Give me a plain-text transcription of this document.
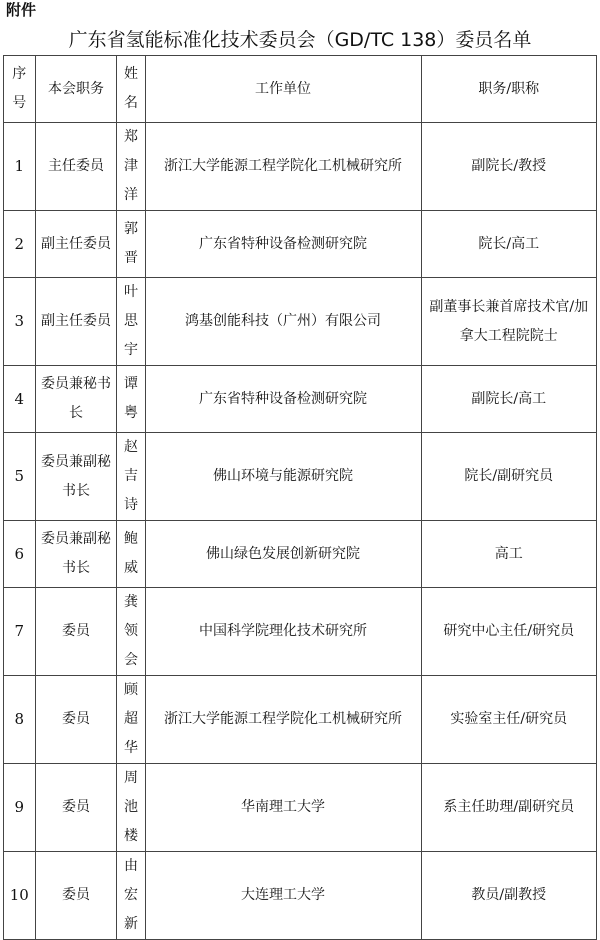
附件
广东省氢能标准化技术委员会（GD/TC 138）委员名单
序号	本会职务	姓名	工作单位	职务/职称
1	主任委员	郑津洋	浙江大学能源工程学院化工机械研究所	副院长/教授
2	副主任委员	郭晋	广东省特种设备检测研究院	院长/高工
3	副主任委员	叶思宇	鸿基创能科技（广州）有限公司	副董事长兼首席技术官/加拿大工程院院士
4	委员兼秘书长	谭粤	广东省特种设备检测研究院	副院长/高工
5	委员兼副秘书长	赵吉诗	佛山环境与能源研究院	院长/副研究员
6	委员兼副秘书长	鲍威	佛山绿色发展创新研究院	高工
7	委员	龚领会	中国科学院理化技术研究所	研究中心主任/研究员
8	委员	顾超华	浙江大学能源工程学院化工机械研究所	实验室主任/研究员
9	委员	周池楼	华南理工大学	系主任助理/副研究员
10	委员	由宏新	大连理工大学	教员/副教授
